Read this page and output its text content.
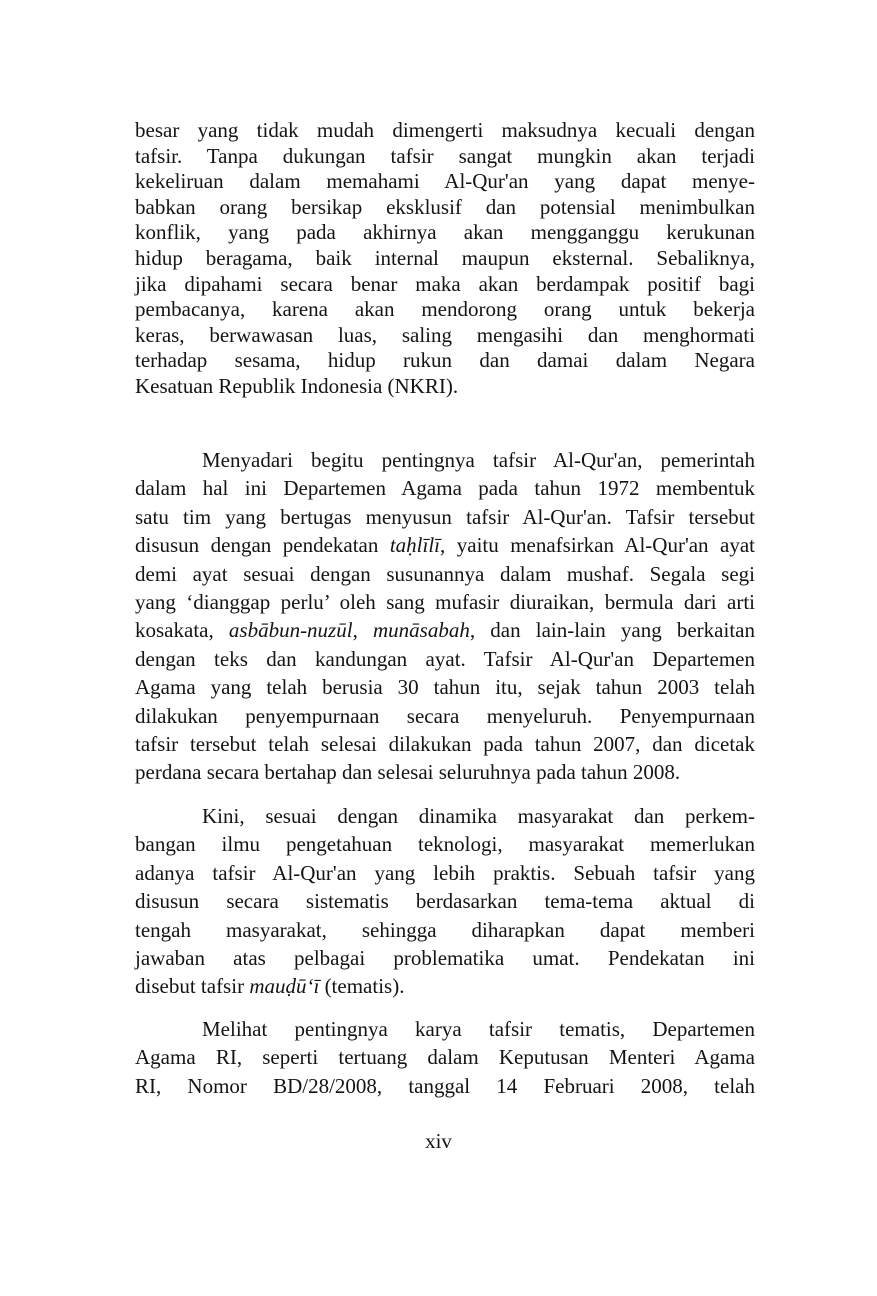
besar yang tidak mudah dimengerti maksudnya kecuali dengan
tafsir. Tanpa dukungan tafsir sangat mungkin akan terjadi
kekeliruan dalam memahami Al-Qur'an yang dapat menye-
babkan orang bersikap eksklusif dan potensial menimbulkan
konflik, yang pada akhirnya akan mengganggu kerukunan
hidup beragama, baik internal maupun eksternal. Sebaliknya,
jika dipahami secara benar maka akan berdampak positif bagi
pembacanya, karena akan mendorong orang untuk bekerja
keras, berwawasan luas, saling mengasihi dan menghormati
terhadap sesama, hidup rukun dan damai dalam Negara
Kesatuan Republik Indonesia (NKRI).
Menyadari begitu pentingnya tafsir Al-Qur'an, pemerintah
dalam hal ini Departemen Agama pada tahun 1972 membentuk
satu tim yang bertugas menyusun tafsir Al-Qur'an. Tafsir tersebut
disusun dengan pendekatan taḥlīlī, yaitu menafsirkan Al-Qur'an ayat
demi ayat sesuai dengan susunannya dalam mushaf. Segala segi
yang ‘dianggap perlu’ oleh sang mufasir diuraikan, bermula dari arti
kosakata, asbābun-nuzūl, munāsabah, dan lain-lain yang berkaitan
dengan teks dan kandungan ayat. Tafsir Al-Qur'an Departemen
Agama yang telah berusia 30 tahun itu, sejak tahun 2003 telah
dilakukan penyempurnaan secara menyeluruh. Penyempurnaan
tafsir tersebut telah selesai dilakukan pada tahun 2007, dan dicetak
perdana secara bertahap dan selesai seluruhnya pada tahun 2008.
Kini, sesuai dengan dinamika masyarakat dan perkem-
bangan ilmu pengetahuan teknologi, masyarakat memerlukan
adanya tafsir Al-Qur'an yang lebih praktis. Sebuah tafsir yang
disusun secara sistematis berdasarkan tema-tema aktual di
tengah masyarakat, sehingga diharapkan dapat memberi
jawaban atas pelbagai problematika umat. Pendekatan ini
disebut tafsir mauḍū‘ī (tematis).
Melihat pentingnya karya tafsir tematis, Departemen
Agama RI, seperti tertuang dalam Keputusan Menteri Agama
RI, Nomor BD/28/2008, tanggal 14 Februari 2008, telah
xiv
